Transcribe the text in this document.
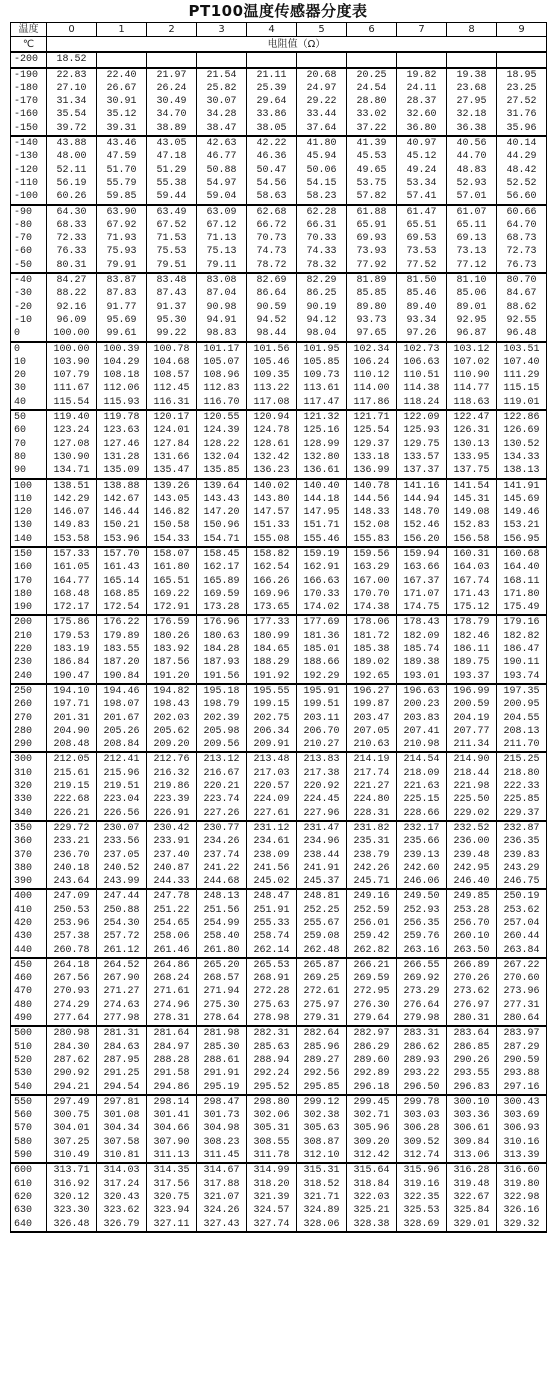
PT100温度传感器分度表
温度	0	1	2	3	4	5	6	7	8	9
℃	电阻值（Ω）									
-200	18.52									
-190	22.83	22.40	21.97	21.54	21.11	20.68	20.25	19.82	19.38	18.95
-180	27.10	26.67	26.24	25.82	25.39	24.97	24.54	24.11	23.68	23.25
-170	31.34	30.91	30.49	30.07	29.64	29.22	28.80	28.37	27.95	27.52
-160	35.54	35.12	34.70	34.28	33.86	33.44	33.02	32.60	32.18	31.76
-150	39.72	39.31	38.89	38.47	38.05	37.64	37.22	36.80	36.38	35.96
-140	43.88	43.46	43.05	42.63	42.22	41.80	41.39	40.97	40.56	40.14
-130	48.00	47.59	47.18	46.77	46.36	45.94	45.53	45.12	44.70	44.29
-120	52.11	51.70	51.29	50.88	50.47	50.06	49.65	49.24	48.83	48.42
-110	56.19	55.79	55.38	54.97	54.56	54.15	53.75	53.34	52.93	52.52
-100	60.26	59.85	59.44	59.04	58.63	58.23	57.82	57.41	57.01	56.60
-90	64.30	63.90	63.49	63.09	62.68	62.28	61.88	61.47	61.07	60.66
-80	68.33	67.92	67.52	67.12	66.72	66.31	65.91	65.51	65.11	64.70
-70	72.33	71.93	71.53	71.13	70.73	70.33	69.93	69.53	69.13	68.73
-60	76.33	75.93	75.53	75.13	74.73	74.33	73.93	73.53	73.13	72.73
-50	80.31	79.91	79.51	79.11	78.72	78.32	77.92	77.52	77.12	76.73
-40	84.27	83.87	83.48	83.08	82.69	82.29	81.89	81.50	81.10	80.70
-30	88.22	87.83	87.43	87.04	86.64	86.25	85.85	85.46	85.06	84.67
-20	92.16	91.77	91.37	90.98	90.59	90.19	89.80	89.40	89.01	88.62
-10	96.09	95.69	95.30	94.91	94.52	94.12	93.73	93.34	92.95	92.55
0	100.00	99.61	99.22	98.83	98.44	98.04	97.65	97.26	96.87	96.48
0	100.00	100.39	100.78	101.17	101.56	101.95	102.34	102.73	103.12	103.51
10	103.90	104.29	104.68	105.07	105.46	105.85	106.24	106.63	107.02	107.40
20	107.79	108.18	108.57	108.96	109.35	109.73	110.12	110.51	110.90	111.29
30	111.67	112.06	112.45	112.83	113.22	113.61	114.00	114.38	114.77	115.15
40	115.54	115.93	116.31	116.70	117.08	117.47	117.86	118.24	118.63	119.01
50	119.40	119.78	120.17	120.55	120.94	121.32	121.71	122.09	122.47	122.86
60	123.24	123.63	124.01	124.39	124.78	125.16	125.54	125.93	126.31	126.69
70	127.08	127.46	127.84	128.22	128.61	128.99	129.37	129.75	130.13	130.52
80	130.90	131.28	131.66	132.04	132.42	132.80	133.18	133.57	133.95	134.33
90	134.71	135.09	135.47	135.85	136.23	136.61	136.99	137.37	137.75	138.13
100	138.51	138.88	139.26	139.64	140.02	140.40	140.78	141.16	141.54	141.91
110	142.29	142.67	143.05	143.43	143.80	144.18	144.56	144.94	145.31	145.69
120	146.07	146.44	146.82	147.20	147.57	147.95	148.33	148.70	149.08	149.46
130	149.83	150.21	150.58	150.96	151.33	151.71	152.08	152.46	152.83	153.21
140	153.58	153.96	154.33	154.71	155.08	155.46	155.83	156.20	156.58	156.95
150	157.33	157.70	158.07	158.45	158.82	159.19	159.56	159.94	160.31	160.68
160	161.05	161.43	161.80	162.17	162.54	162.91	163.29	163.66	164.03	164.40
170	164.77	165.14	165.51	165.89	166.26	166.63	167.00	167.37	167.74	168.11
180	168.48	168.85	169.22	169.59	169.96	170.33	170.70	171.07	171.43	171.80
190	172.17	172.54	172.91	173.28	173.65	174.02	174.38	174.75	175.12	175.49
200	175.86	176.22	176.59	176.96	177.33	177.69	178.06	178.43	178.79	179.16
210	179.53	179.89	180.26	180.63	180.99	181.36	181.72	182.09	182.46	182.82
220	183.19	183.55	183.92	184.28	184.65	185.01	185.38	185.74	186.11	186.47
230	186.84	187.20	187.56	187.93	188.29	188.66	189.02	189.38	189.75	190.11
240	190.47	190.84	191.20	191.56	191.92	192.29	192.65	193.01	193.37	193.74
250	194.10	194.46	194.82	195.18	195.55	195.91	196.27	196.63	196.99	197.35
260	197.71	198.07	198.43	198.79	199.15	199.51	199.87	200.23	200.59	200.95
270	201.31	201.67	202.03	202.39	202.75	203.11	203.47	203.83	204.19	204.55
280	204.90	205.26	205.62	205.98	206.34	206.70	207.05	207.41	207.77	208.13
290	208.48	208.84	209.20	209.56	209.91	210.27	210.63	210.98	211.34	211.70
300	212.05	212.41	212.76	213.12	213.48	213.83	214.19	214.54	214.90	215.25
310	215.61	215.96	216.32	216.67	217.03	217.38	217.74	218.09	218.44	218.80
320	219.15	219.51	219.86	220.21	220.57	220.92	221.27	221.63	221.98	222.33
330	222.68	223.04	223.39	223.74	224.09	224.45	224.80	225.15	225.50	225.85
340	226.21	226.56	226.91	227.26	227.61	227.96	228.31	228.66	229.02	229.37
350	229.72	230.07	230.42	230.77	231.12	231.47	231.82	232.17	232.52	232.87
360	233.21	233.56	233.91	234.26	234.61	234.96	235.31	235.66	236.00	236.35
370	236.70	237.05	237.40	237.74	238.09	238.44	238.79	239.13	239.48	239.83
380	240.18	240.52	240.87	241.22	241.56	241.91	242.26	242.60	242.95	243.29
390	243.64	243.99	244.33	244.68	245.02	245.37	245.71	246.06	246.40	246.75
400	247.09	247.44	247.78	248.13	248.47	248.81	249.16	249.50	249.85	250.19
410	250.53	250.88	251.22	251.56	251.91	252.25	252.59	252.93	253.28	253.62
420	253.96	254.30	254.65	254.99	255.33	255.67	256.01	256.35	256.70	257.04
430	257.38	257.72	258.06	258.40	258.74	259.08	259.42	259.76	260.10	260.44
440	260.78	261.12	261.46	261.80	262.14	262.48	262.82	263.16	263.50	263.84
450	264.18	264.52	264.86	265.20	265.53	265.87	266.21	266.55	266.89	267.22
460	267.56	267.90	268.24	268.57	268.91	269.25	269.59	269.92	270.26	270.60
470	270.93	271.27	271.61	271.94	272.28	272.61	272.95	273.29	273.62	273.96
480	274.29	274.63	274.96	275.30	275.63	275.97	276.30	276.64	276.97	277.31
490	277.64	277.98	278.31	278.64	278.98	279.31	279.64	279.98	280.31	280.64
500	280.98	281.31	281.64	281.98	282.31	282.64	282.97	283.31	283.64	283.97
510	284.30	284.63	284.97	285.30	285.63	285.96	286.29	286.62	286.85	287.29
520	287.62	287.95	288.28	288.61	288.94	289.27	289.60	289.93	290.26	290.59
530	290.92	291.25	291.58	291.91	292.24	292.56	292.89	293.22	293.55	293.88
540	294.21	294.54	294.86	295.19	295.52	295.85	296.18	296.50	296.83	297.16
550	297.49	297.81	298.14	298.47	298.80	299.12	299.45	299.78	300.10	300.43
560	300.75	301.08	301.41	301.73	302.06	302.38	302.71	303.03	303.36	303.69
570	304.01	304.34	304.66	304.98	305.31	305.63	305.96	306.28	306.61	306.93
580	307.25	307.58	307.90	308.23	308.55	308.87	309.20	309.52	309.84	310.16
590	310.49	310.81	311.13	311.45	311.78	312.10	312.42	312.74	313.06	313.39
600	313.71	314.03	314.35	314.67	314.99	315.31	315.64	315.96	316.28	316.60
610	316.92	317.24	317.56	317.88	318.20	318.52	318.84	319.16	319.48	319.80
620	320.12	320.43	320.75	321.07	321.39	321.71	322.03	322.35	322.67	322.98
630	323.30	323.62	323.94	324.26	324.57	324.89	325.21	325.53	325.84	326.16
640	326.48	326.79	327.11	327.43	327.74	328.06	328.38	328.69	329.01	329.32
